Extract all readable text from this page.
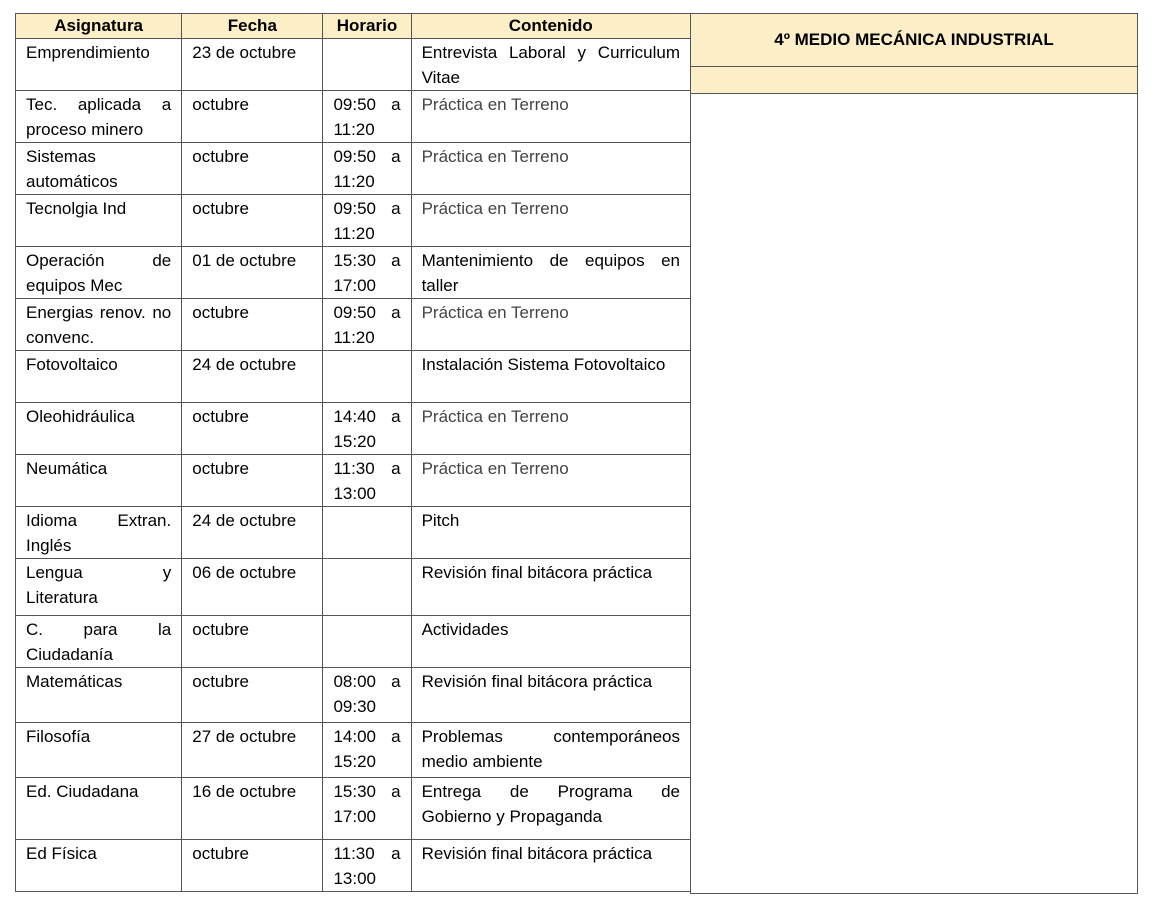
Asignatura	Fecha	Horario	Contenido
Emprendimiento	23 de octubre		Entrevista Laboral y Curriculum Vitae
Tec. aplicada a proceso minero	octubre	09:50 a 11:20	Práctica en Terreno
Sistemas automáticos	octubre	09:50 a 11:20	Práctica en Terreno
Tecnolgia Ind	octubre	09:50 a 11:20	Práctica en Terreno
Operación de equipos Mec	01 de octubre	15:30 a 17:00	Mantenimiento de equipos en taller
Energias renov. no convenc.	octubre	09:50 a 11:20	Práctica en Terreno
Fotovoltaico	24 de octubre		Instalación Sistema Fotovoltaico
Oleohidráulica	octubre	14:40 a 15:20	Práctica en Terreno
Neumática	octubre	11:30 a 13:00	Práctica en Terreno
Idioma Extran. Inglés	24 de octubre		Pitch
Lengua y Literatura	06 de octubre		Revisión final bitácora práctica
C. para la Ciudadanía	octubre		Actividades
Matemáticas	octubre	08:00 a 09:30	Revisión final bitácora práctica
Filosofía	27 de octubre	14:00 a 15:20	Problemas contemporáneos medio ambiente
Ed. Ciudadana	16 de octubre	15:30 a 17:00	Entrega de Programa de Gobierno y Propaganda
Ed Física	octubre	11:30 a 13:00	Revisión final bitácora práctica
4º MEDIO MECÁNICA INDUSTRIAL
